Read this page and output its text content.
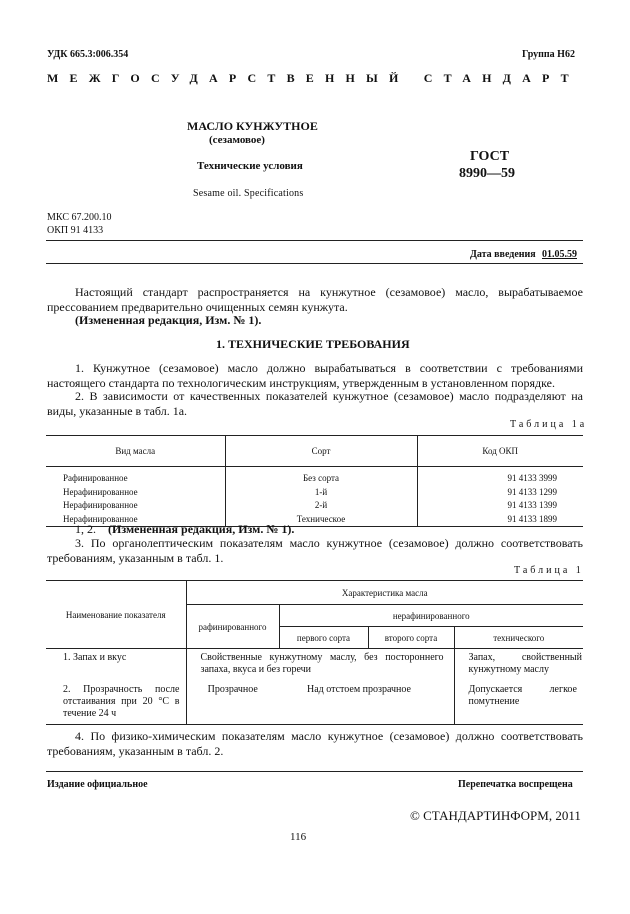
УДК 665.3:006.354	Группа Н62
МЕЖГОСУДАРСТВЕННЫЙ СТАНДАРТ
МАСЛО КУНЖУТНОЕ
(сезамовое)
Технические условия
Sesame oil. Specifications
ГОСТ
8990—59
МКС 67.200.10
ОКП 91 4133
Дата введения 01.05.59

Настоящий стандарт распространяется на кунжутное (сезамовое) масло, вырабатываемое прессованием предварительно очищенных семян кунжута.

(Измененная редакция, Изм. № 1).
1. ТЕХНИЧЕСКИЕ ТРЕБОВАНИЯ

1. Кунжутное (сезамовое) масло должно вырабатываться в соответствии с требованиями настоящего стандарта по технологическим инструкциям, утвержденным в установленном порядке.

2. В зависимости от качественных показателей кунжутное (сезамовое) масло подразделяют на виды, указанные в табл. 1а.

Таблица 1а
Вид масла	Сорт	Код ОКП
Рафинированное	Без сорта	91 4133 3999
Нерафинированное	1-й	91 4133 1299
Нерафинированное	2-й	91 4133 1399
Нерафинированное	Техническое	91 4133 1899
1, 2. (Измененная редакция, Изм. № 1).

3. По органолептическим показателям масло кунжутное (сезамовое) должно соответствовать требованиям, указанным в табл. 1.

Таблица 1
Наименование показателя	Характеристика масла			
	рафинированного	нерафинированного		
		первого сорта	второго сорта	технического
1. Запах и вкус	Свойственные кунжутному маслу, без постороннего запаха, вкуса и без горечи			Запах, свойственный кунжутному маслу
2. Прозрачность после отстаивания при 20 °С в течение 24 ч	Прозрачное	Над отстоем прозрачное		Допускается легкое помутнение

4. По физико-химическим показателям масло кунжутное (сезамовое) должно соответствовать требованиям, указанным в табл. 2.

Издание официальное	Перепечатка воспрещена
© СТАНДАРТИНФОРМ, 2011
116
